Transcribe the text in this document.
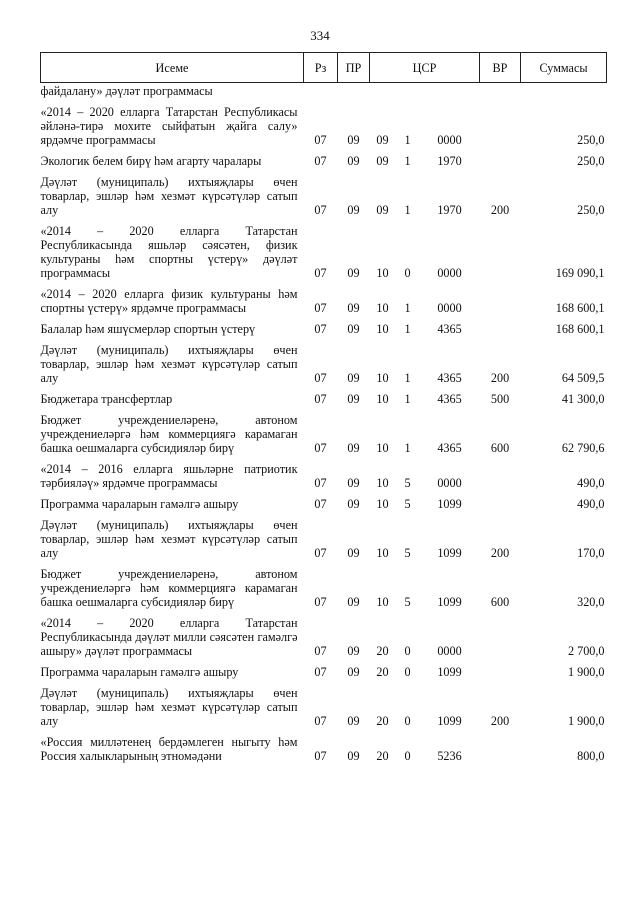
334
Исеме	Рз	ПР	ЦСР			ВР	Суммасы
файдалану» дәүләт программасы							
«2014 – 2020 елларга Татарстан Республикасы әйләнә-тирә мохите сыйфатын җайга салу» ярдәмче программасы	07	09	09	1	0000		250,0
Экологик белем бирү һәм агарту чаралары	07	09	09	1	1970		250,0
Дәүләт (муниципаль) ихтыяҗлары өчен товарлар, эшләр һәм хезмәт күрсәтүләр сатып алу	07	09	09	1	1970	200	250,0
«2014 – 2020 елларга Татарстан Республикасында яшьләр сәясәтен, физик культураны һәм спортны үстерү» дәүләт программасы	07	09	10	0	0000		169 090,1
«2014 – 2020 елларга физик культураны һәм спортны үстерү» ярдәмче программасы	07	09	10	1	0000		168 600,1
Балалар һәм яшүсмерләр спортын үстерү	07	09	10	1	4365		168 600,1
Дәүләт (муниципаль) ихтыяҗлары өчен товарлар, эшләр һәм хезмәт күрсәтүләр сатып алу	07	09	10	1	4365	200	64 509,5
Бюджетара трансфертлар	07	09	10	1	4365	500	41 300,0
Бюджет учреждениеләренә, автоном учреждениеләргә һәм коммерциягә карамаган башка оешмаларга субсидияләр бирү	07	09	10	1	4365	600	62 790,6
«2014 – 2016 елларга яшьләрне патриотик тәрбияләү» ярдәмче программасы	07	09	10	5	0000		490,0
Программа чараларын гамәлгә ашыру	07	09	10	5	1099		490,0
Дәүләт (муниципаль) ихтыяҗлары өчен товарлар, эшләр һәм хезмәт күрсәтүләр сатып алу	07	09	10	5	1099	200	170,0
Бюджет учреждениеләренә, автоном учреждениеләргә һәм коммерциягә карамаган башка оешмаларга субсидияләр бирү	07	09	10	5	1099	600	320,0
«2014 – 2020 елларга Татарстан Республикасында дәүләт милли сәясәтен гамәлгә ашыру» дәүләт программасы	07	09	20	0	0000		2 700,0
Программа чараларын гамәлгә ашыру	07	09	20	0	1099		1 900,0
Дәүләт (муниципаль) ихтыяҗлары өчен товарлар, эшләр һәм хезмәт күрсәтүләр сатып алу	07	09	20	0	1099	200	1 900,0
«Россия милләтенең бердәмлеген ныгыту һәм Россия халыкларының этномәдәни	07	09	20	0	5236		800,0
